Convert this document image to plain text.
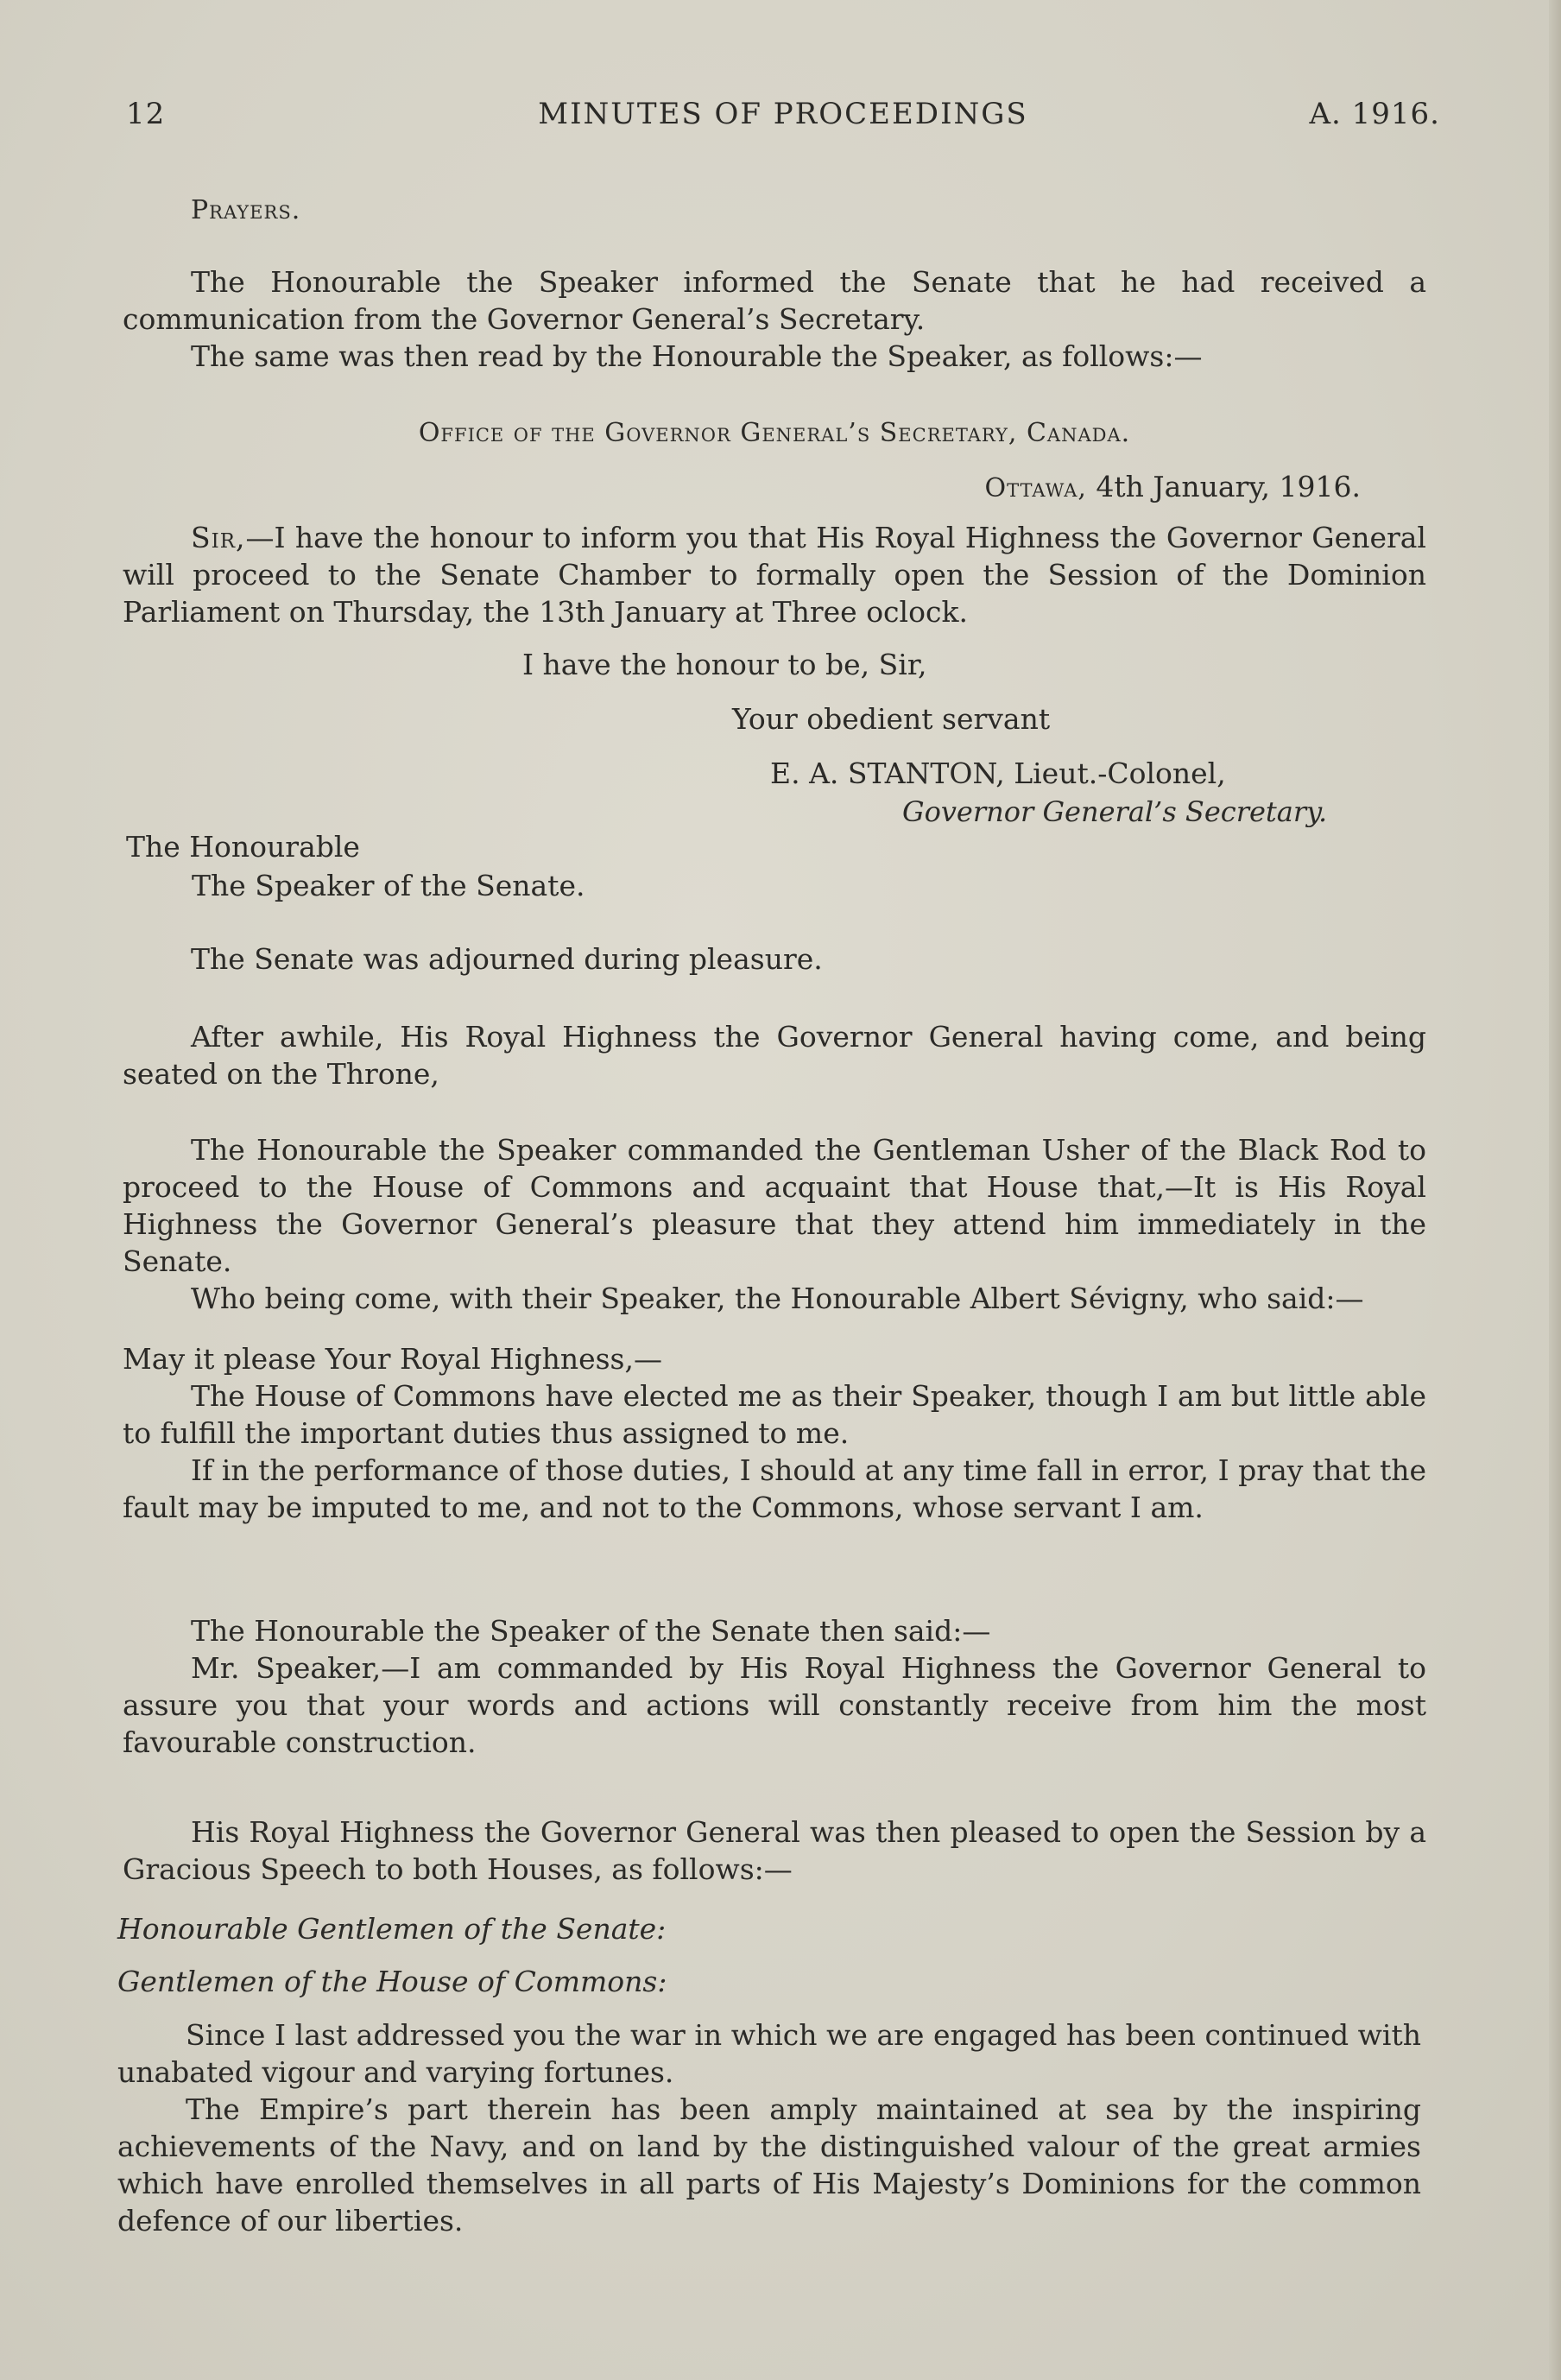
12	MINUTES OF PROCEEDINGS	A. 1916.

Prayers.

The Honourable the Speaker informed the Senate that he had received a communication from the Governor General’s Secretary.

The same was then read by the Honourable the Speaker, as follows:—

Office of the Governor General’s Secretary, Canada.

Ottawa, 4th January, 1916.

Sir,—I have the honour to inform you that His Royal Highness the Governor General will proceed to the Senate Chamber to formally open the Session of the Dominion Parliament on Thursday, the 13th January at Three oclock.

I have the honour to be, Sir,
Your obedient servant
E. A. STANTON, Lieut.-Colonel,
Governor General’s Secretary.
The Honourable
The Speaker of the Senate.

The Senate was adjourned during pleasure.

After awhile, His Royal Highness the Governor General having come, and being seated on the Throne,

The Honourable the Speaker commanded the Gentleman Usher of the Black Rod to proceed to the House of Commons and acquaint that House that,—It is His Royal Highness the Governor General’s pleasure that they attend him immediately in the Senate.

Who being come, with their Speaker, the Honourable Albert Sévigny, who said:—

May it please Your Royal Highness,—

The House of Commons have elected me as their Speaker, though I am but little able to fulfill the important duties thus assigned to me.

If in the performance of those duties, I should at any time fall in error, I pray that the fault may be imputed to me, and not to the Commons, whose servant I am.

The Honourable the Speaker of the Senate then said:—

Mr. Speaker,—I am commanded by His Royal Highness the Governor General to assure you that your words and actions will constantly receive from him the most favourable construction.

His Royal Highness the Governor General was then pleased to open the Session by a Gracious Speech to both Houses, as follows:—

Honourable Gentlemen of the Senate:
Gentlemen of the House of Commons:

Since I last addressed you the war in which we are engaged has been continued with unabated vigour and varying fortunes.

The Empire’s part therein has been amply maintained at sea by the inspiring achievements of the Navy, and on land by the distinguished valour of the great armies which have enrolled themselves in all parts of His Majesty’s Dominions for the common defence of our liberties.
